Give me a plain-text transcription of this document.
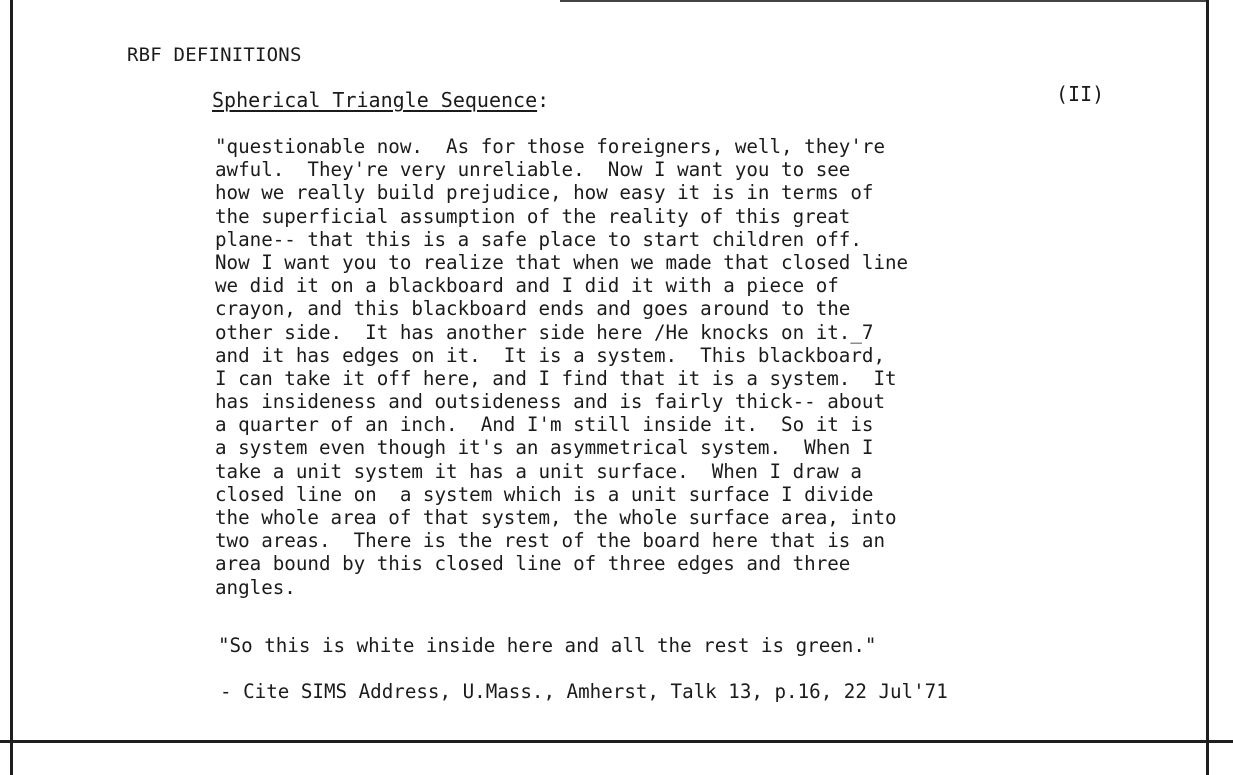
RBF DEFINITIONS
Spherical Triangle Sequence:	(II)
"questionable now.  As for those foreigners, well, they're
awful.  They're very unreliable.  Now I want you to see
how we really build prejudice, how easy it is in terms of
the superficial assumption of the reality of this great
plane-- that this is a safe place to start children off.
Now I want you to realize that when we made that closed line
we did it on a blackboard and I did it with a piece of
crayon, and this blackboard ends and goes around to the
other side.  It has another side here /He knocks on it._7
and it has edges on it.  It is a system.  This blackboard,
I can take it off here, and I find that it is a system.  It
has insideness and outsideness and is fairly thick-- about
a quarter of an inch.  And I'm still inside it.  So it is
a system even though it's an asymmetrical system.  When I
take a unit system it has a unit surface.  When I draw a
closed line on  a system which is a unit surface I divide
the whole area of that system, the whole surface area, into
two areas.  There is the rest of the board here that is an
area bound by this closed line of three edges and three
angles.
"So this is white inside here and all the rest is green."
- Cite SIMS Address, U.Mass., Amherst, Talk 13, p.16, 22 Jul'71
